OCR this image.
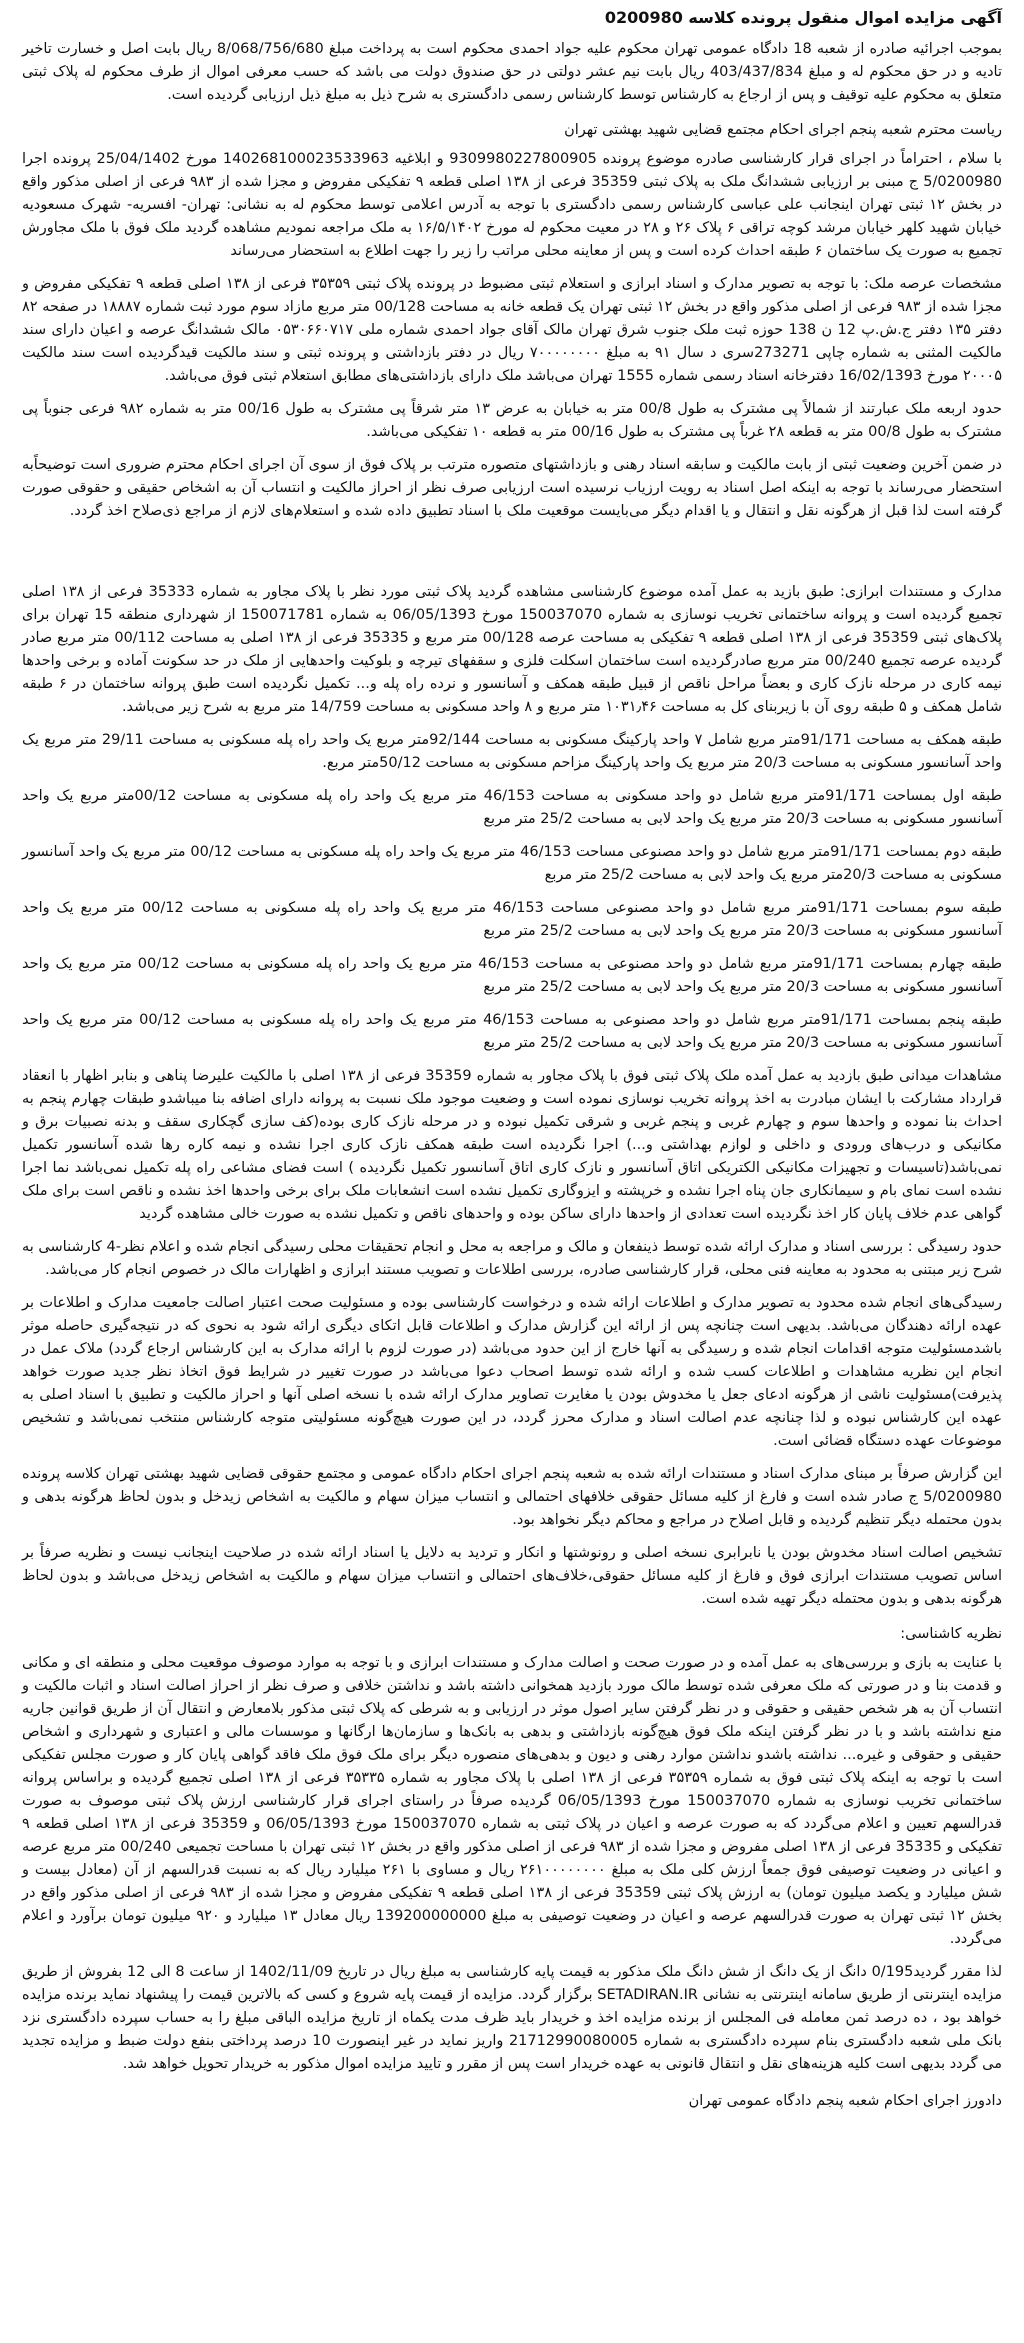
آگهی مزایده اموال منقول پرونده کلاسه 0200980
بموجب اجرائیه صادره از شعبه 18 دادگاه عمومی تهران محکوم علیه جواد احمدی محکوم است به پرداخت مبلغ 8/068/756/680 ریال بابت اصل و خسارت تاخیر تادیه و در حق محکوم له و مبلغ 403/437/834 ریال بابت نیم عشر دولتی در حق صندوق دولت می باشد که حسب معرفی اموال از طرف محکوم له پلاک ثبتی متعلق به محکوم علیه توقیف و پس از ارجاع به کارشناس توسط کارشناس رسمی دادگستری به شرح ذیل به مبلغ ذیل ارزیابی گردیده است.
ریاست محترم شعبه پنجم اجرای احکام مجتمع قضایی شهید بهشتی تهران
با سلام ، احتراماً در اجرای قرار کارشناسی صادره موضوع پرونده 9309980227800905 و ابلاغیه 140268100023533963 مورخ 25/04/1402 پرونده اجرا 5/0200980 ج مبنی بر ارزیابی ششدانگ ملک به پلاک ثبتی 35359 فرعی از ۱۳۸ اصلی قطعه ۹ تفکیکی مفروض و مجزا شده از ۹۸۳ فرعی از اصلی مذکور واقع در بخش ۱۲ ثبتی تهران اینجانب علی عباسی کارشناس رسمی دادگستری با توجه به آدرس اعلامی توسط محکوم له به نشانی: تهران- افسریه- شهرک مسعودیه خیابان شهید کلهر خیابان مرشد کوچه تراقی ۶ پلاک ۲۶ و ۲۸ در معیت محکوم له مورخ ۱۶/۵/۱۴۰۲ به ملک مراجعه نمودیم مشاهده گردید ملک فوق با ملک مجاورش تجمیع به صورت یک ساختمان ۶ طبقه احداث کرده است و پس از معاینه محلی مراتب را زیر را جهت اطلاع به استحضار می‌رساند
مشخصات عرصه ملک: با توجه به تصویر مدارک و اسناد ابرازی و استعلام ثبتی مضبوط در پرونده پلاک ثبتی ۳۵۳۵۹ فرعی از ۱۳۸ اصلی قطعه ۹ تفکیکی مفروض و مجزا شده از ۹۸۳ فرعی از اصلی مذکور واقع در بخش ۱۲ ثبتی تهران یک قطعه خانه به مساحت 00/128 متر مربع مازاد سوم مورد ثبت شماره ۱۸۸۸۷ در صفحه ۸۲ دفتر ۱۳۵ دفتر ج.ش.پ 12 ن 138 حوزه ثبت ملک جنوب شرق تهران مالک آقای جواد احمدی شماره ملی ۰۵۳۰۶۶۰۷۱۷ مالک ششدانگ عرصه و اعیان دارای سند مالکیت المثنی به شماره چاپی 273271سری د سال ۹۱ به مبلغ ۷۰۰۰۰۰۰۰۰ ریال در دفتر بازداشتی و پرونده ثبتی و سند مالکیت قیدگردیده است سند مالکیت ۲۰۰۰۵ مورخ 16/02/1393 دفترخانه اسناد رسمی شماره 1555 تهران می‌باشد ملک دارای بازداشتی‌های مطابق استعلام ثبتی فوق می‌باشد.
حدود اربعه ملک عبارتند از شمالاً پی مشترک به طول 00/8 متر به خیابان به عرض ۱۳ متر شرقاً پی مشترک به طول 00/16 متر به شماره ۹۸۲ فرعی جنوباً پی مشترک به طول 00/8 متر به قطعه ۲۸ غرباً پی مشترک به طول 00/16 متر به قطعه ۱۰ تفکیکی می‌باشد.
در ضمن آخرین وضعیت ثبتی از بابت مالکیت و سابقه اسناد رهنی و بازداشتهای متصوره مترتب بر پلاک فوق از سوی آن اجرای احکام محترم ضروری است توضیحاًبه استحضار می‌رساند با توجه به اینکه اصل اسناد به رویت ارزیاب نرسیده است ارزیابی صرف نظر از احراز مالکیت و انتساب آن به اشخاص حقیقی و حقوقی صورت گرفته است لذا قبل از هرگونه نقل و انتقال و یا اقدام دیگر می‌بایست موقعیت ملک با اسناد تطبیق داده شده و استعلام‌های لازم از مراجع ذی‌صلاح اخذ گردد.
مدارک و مستندات ابرازی: طبق بازید به عمل آمده موضوع کارشناسی مشاهده گردید پلاک ثبتی مورد نظر با پلاک مجاور به شماره 35333 فرعی از ۱۳۸ اصلی تجمیع گردیده است و پروانه ساختمانی تخریب نوسازی به شماره 150037070 مورخ 06/05/1393 به شماره 150071781 از شهرداری منطقه 15 تهران برای پلاک‌های ثبتی 35359 فرعی از ۱۳۸ اصلی قطعه ۹ تفکیکی به مساحت عرصه 00/128 متر مربع و 35335 فرعی از ۱۳۸ اصلی به مساحت 00/112 متر مربع صادر گردیده عرصه تجمیع 00/240 متر مربع صادرگردیده است ساختمان اسکلت فلزی و سقفهای تیرچه و بلوکیت واحدهایی از ملک در حد سکونت آماده و برخی واحدها نیمه کاری در مرحله نازک کاری و بعضاً مراحل ناقص از قبیل طبقه همکف و آسانسور و نرده راه پله و... تکمیل نگردیده است طبق پروانه ساختمان در ۶ طبقه شامل همکف و ۵ طبقه روی آن با زیربنای کل به مساحت ۱۰۳۱٫۴۶ متر مربع و ۸ واحد مسکونی به مساحت 14/759 متر مربع به شرح زیر می‌باشد.
طبقه همکف به مساحت 91/171متر مربع شامل ۷ واحد پارکینگ مسکونی به مساحت 92/144متر مربع یک واحد راه پله مسکونی به مساحت 29/11 متر مربع یک واحد آسانسور مسکونی به مساحت 20/3 متر مربع یک واحد پارکینگ مزاحم مسکونی به مساحت 50/12متر مربع.
طبقه اول بمساحت 91/171متر مربع شامل دو واحد مسکونی به مساحت 46/153 متر مربع یک واحد راه پله مسکونی به مساحت 00/12متر مربع یک واحد آسانسور مسکونی به مساحت 20/3 متر مربع یک واحد لابی به مساحت 25/2 متر مربع
طبقه دوم بمساحت 91/171متر مربع شامل دو واحد مصنوعی مساحت 46/153 متر مربع یک واحد راه پله مسکونی به مساحت 00/12 متر مربع یک واحد آسانسور مسکونی به مساحت 20/3متر مربع یک واحد لابی به مساحت 25/2 متر مربع
طبقه سوم بمساحت 91/171متر مربع شامل دو واحد مصنوعی مساحت 46/153 متر مربع یک واحد راه پله مسکونی به مساحت 00/12 متر مربع یک واحد آسانسور مسکونی به مساحت 20/3 متر مربع یک واحد لابی به مساحت 25/2 متر مربع
طبقه چهارم بمساحت 91/171متر مربع شامل دو واحد مصنوعی به مساحت 46/153 متر مربع یک واحد راه پله مسکونی به مساحت 00/12 متر مربع یک واحد آسانسور مسکونی به مساحت 20/3 متر مربع یک واحد لابی به مساحت 25/2 متر مربع
طبقه پنجم بمساحت 91/171متر مربع شامل دو واحد مصنوعی به مساحت 46/153 متر مربع یک واحد راه پله مسکونی به مساحت 00/12 متر مربع یک واحد آسانسور مسکونی به مساحت 20/3 متر مربع یک واحد لابی به مساحت 25/2 متر مربع
مشاهدات میدانی طبق بازدید به عمل آمده ملک پلاک ثبتی فوق با پلاک مجاور به شماره 35359 فرعی از ۱۳۸ اصلی با مالکیت علیرضا پناهی و بنابر اظهار با انعقاد قرارداد مشارکت با ایشان مبادرت به اخذ پروانه تخریب نوسازی نموده است و وضعیت موجود ملک نسبت به پروانه دارای اضافه بنا میباشدو طبقات چهارم پنجم به احداث بنا نموده و واحدها سوم و چهارم غربی و پنجم غربی و شرقی تکمیل نبوده و در مرحله نازک کاری بوده(کف سازی گچکاری سقف و بدنه نصبیات برق و مکانیکی و درب‌های ورودی و داخلی و لوازم بهداشتی و...) اجرا نگردیده است طبقه همکف نازک کاری اجرا نشده و نیمه کاره رها شده آسانسور تکمیل نمی‌باشد(تاسیسات و تجهیزات مکانیکی الکتریکی اتاق آسانسور و نازک کاری اتاق آسانسور تکمیل نگردیده ) است فضای مشاعی راه پله تکمیل نمی‌باشد نما اجرا نشده است نمای بام و سیمانکاری جان پناه اجرا نشده و خرپشته و ایزوگاری تکمیل نشده است انشعابات ملک برای برخی واحدها اخذ نشده و ناقص است برای ملک گواهی عدم خلاف پایان کار اخذ نگردیده است تعدادی از واحدها دارای ساکن بوده و واحدهای ناقص و تکمیل نشده به صورت خالی مشاهده گردید
حدود رسیدگی : بررسی اسناد و مدارک ارائه شده توسط ذینفعان و مالک و مراجعه به محل و انجام تحقیقات محلی رسیدگی انجام شده و اعلام نظر-4 کارشناسی به شرح زیر مبتنی به محدود به معاینه فنی محلی، قرار کارشناسی صادره، بررسی اطلاعات و تصویب مستند ابرازی و اظهارات مالک در خصوص انجام کار می‌باشد.
رسیدگی‌های انجام شده محدود به تصویر مدارک و اطلاعات ارائه شده و درخواست کارشناسی بوده و مسئولیت صحت اعتبار اصالت جامعیت مدارک و اطلاعات بر عهده ارائه دهندگان می‌باشد. بدیهی است چنانچه پس از ارائه این گزارش مدارک و اطلاعات قابل اتکای دیگری ارائه شود به نحوی که در نتیجه‌گیری حاصله موثر باشدمسئولیت متوجه اقدامات انجام شده و رسیدگی به آنها خارج از این حدود می‌باشد (در صورت لزوم با ارائه مدارک به این کارشناس ارجاع گردد) ملاک عمل در انجام این نظریه مشاهدات و اطلاعات کسب شده و ارائه شده توسط اصحاب دعوا می‌باشد در صورت تغییر در شرایط فوق اتخاذ نظر جدید صورت خواهد پذیرفت)مسئولیت ناشی از هرگونه ادعای جعل یا مخدوش بودن یا مغایرت تصاویر مدارک ارائه شده با نسخه اصلی آنها و احراز مالکیت و تطبیق با اسناد اصلی به عهده این کارشناس نبوده و لذا چنانچه عدم اصالت اسناد و مدارک محرز گردد، در این صورت هیچ‌گونه مسئولیتی متوجه کارشناس منتخب نمی‌باشد و تشخیص موضوعات عهده دستگاه قضائی است.
این گزارش صرفاً بر مبنای مدارک اسناد و مستندات ارائه شده به شعبه پنجم اجرای احکام دادگاه عمومی و مجتمع حقوقی قضایی شهید بهشتی تهران کلاسه پرونده 5/0200980 ج صادر شده است و فارغ از کلیه مسائل حقوقی خلافهای احتمالی و انتساب میزان سهام و مالکیت به اشخاص زیدخل و بدون لحاظ هرگونه بدهی و بدون محتمله دیگر تنظیم گردیده و قابل اصلاح در مراجع و محاکم دیگر نخواهد بود.
تشخیص اصالت اسناد مخدوش بودن یا نابرابری نسخه اصلی و رونوشتها و انکار و تردید به دلایل یا اسناد ارائه شده در صلاحیت اینجانب نیست و نظریه صرفاً بر اساس تصویب مستندات ابرازی فوق و فارغ از کلیه مسائل حقوقی،خلاف‌های احتمالی و انتساب میزان سهام و مالکیت به اشخاص زیدخل می‌باشد و بدون لحاظ هرگونه بدهی و بدون محتمله دیگر تهیه شده است.
نظریه کاشناسی:
با عنایت به بازی و بررسی‌های به عمل آمده و در صورت صحت و اصالت مدارک و مستندات ابرازی و با توجه به موارد موصوف موقعیت محلی و منطقه ای و مکانی و قدمت بنا و در صورتی که ملک معرفی شده توسط مالک مورد بازدید همخوانی داشته باشد و نداشتن خلافی و صرف نظر از احراز اصالت اسناد و اثبات مالکیت و انتساب آن به هر شخص حقیقی و حقوقی و در نظر گرفتن سایر اصول موثر در ارزیابی و به شرطی که پلاک ثبتی مذکور بلامعارض و انتقال آن از طریق قوانین جاریه منع نداشته باشد و با در نظر گرفتن اینکه ملک فوق هیچ‌گونه بازداشتی و بدهی به بانک‌ها و سازمان‌ها ارگانها و موسسات مالی و اعتباری و شهرداری و اشخاص حقیقی و حقوقی و غیره... نداشته باشدو نداشتن موارد رهنی و دیون و بدهی‌های منصوره دیگر برای ملک فوق ملک فاقد گواهی پایان کار و صورت مجلس تفکیکی است با توجه به اینکه پلاک ثبتی فوق به شماره ۳۵۳۵۹ فرعی از ۱۳۸ اصلی با پلاک مجاور به شماره ۳۵۳۳۵ فرعی از ۱۳۸ اصلی تجمیع گردیده و براساس پروانه ساختمانی تخریب نوسازی به شماره 150037070 مورخ 06/05/1393 گردیده صرفاً در راستای اجرای قرار کارشناسی ارزش پلاک ثبتی موصوف به صورت قدرالسهم تعیین و اعلام می‌گردد که به صورت عرصه و اعیان در پلاک ثبتی به شماره 150037070 مورخ 06/05/1393 و 35359 فرعی از ۱۳۸ اصلی قطعه ۹ تفکیکی و 35335 فرعی از ۱۳۸ اصلی مفروض و مجزا شده از ۹۸۳ فرعی از اصلی مذکور واقع در بخش ۱۲ ثبتی تهران با مساحت تجمیعی 00/240 متر مربع عرصه و اعیانی در وضعیت توصیفی فوق جمعاً ارزش کلی ملک به مبلغ ۲۶۱۰۰۰۰۰۰۰۰ ریال و مساوی با ۲۶۱ میلیارد ریال که به نسبت قدرالسهم از آن (معادل بیست و شش میلیارد و یکصد میلیون تومان) به ارزش پلاک ثبتی 35359 فرعی از ۱۳۸ اصلی قطعه ۹ تفکیکی مفروض و مجزا شده از ۹۸۳ فرعی از اصلی مذکور واقع در بخش ۱۲ ثبتی تهران به صورت قدرالسهم عرصه و اعیان در وضعیت توصیفی به مبلغ 139200000000 ریال معادل ۱۳ میلیارد و ۹۲۰ میلیون تومان برآورد و اعلام می‌گردد.
لذا مقرر گردید0/195 دانگ از یک دانگ از شش دانگ ملک مذکور به قیمت پایه کارشناسی به مبلغ ریال در تاریخ 1402/11/09 از ساعت 8 الی 12 بفروش از طریق مزایده اینترنتی از طریق سامانه اینترنتی به نشانی SETADIRAN.IR برگزار گردد. مزایده از قیمت پایه شروع و کسی که بالاترین قیمت را پیشنهاد نماید برنده مزایده خواهد بود ، ده درصد ثمن معامله فی المجلس از برنده مزایده اخذ و خریدار باید ظرف مدت یکماه از تاریخ مزایده الباقی مبلغ را به حساب سپرده دادگستری نزد بانک ملی شعبه دادگستری بنام سپرده دادگستری به شماره 21712990080005 واریز نماید در غیر اینصورت 10 درصد پرداختی بنفع دولت ضبط و مزایده تجدید می گردد بدیهی است کلیه هزینه‌های نقل و انتقال قانونی به عهده خریدار است پس از مقرر و تایید مزایده اموال مذکور به خریدار تحویل خواهد شد.
دادورز اجرای احکام شعبه پنجم دادگاه عمومی تهران
